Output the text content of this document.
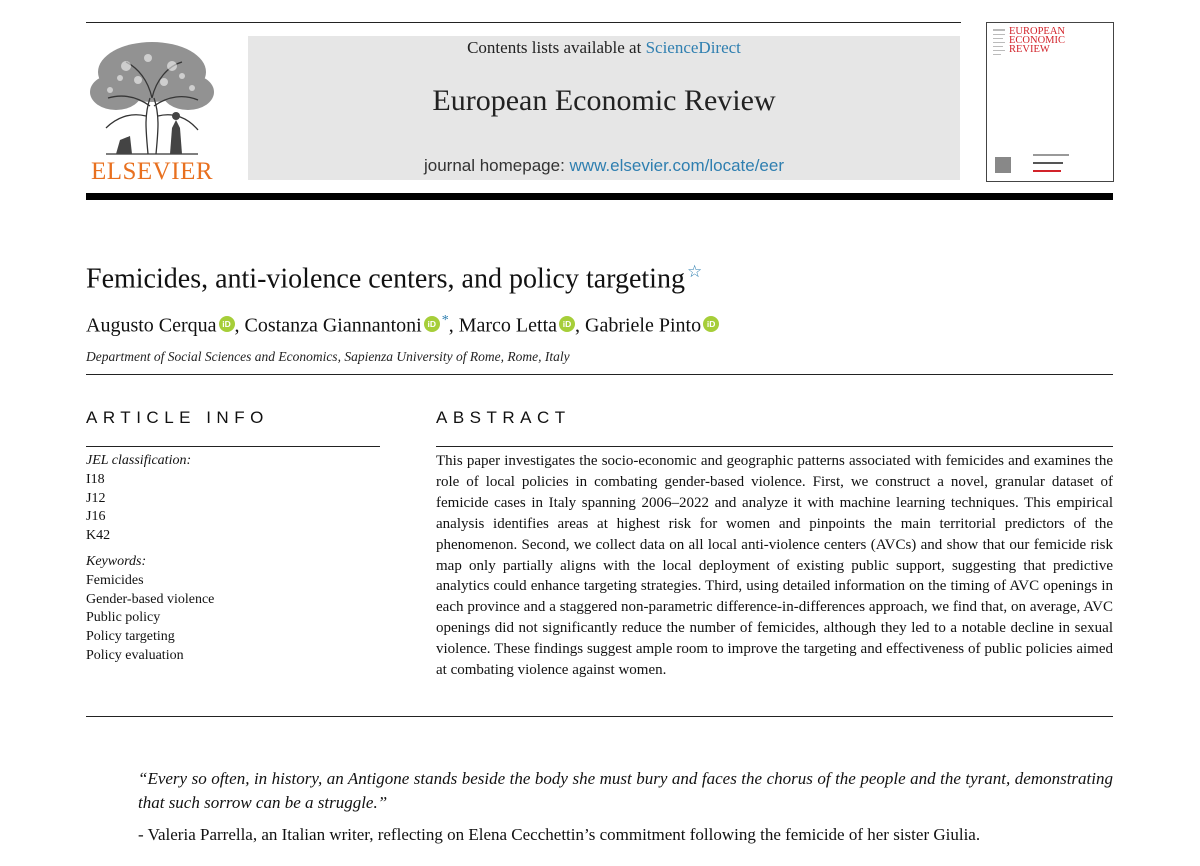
ELSEVIER
Contents lists available at ScienceDirect
European Economic Review
journal homepage: www.elsevier.com/locate/eer
EUROPEAN
ECONOMIC
REVIEW
Femicides, anti-violence centers, and policy targeting ☆
Augusto Cerqua iD , Costanza Giannantoni iD *, Marco Letta iD , Gabriele Pinto iD
Department of Social Sciences and Economics, Sapienza University of Rome, Rome, Italy
ARTICLE INFO
JEL classification:
I18
J12
J16
K42
Keywords:
Femicides
Gender-based violence
Public policy
Policy targeting
Policy evaluation
ABSTRACT
This paper investigates the socio-economic and geographic patterns associated with femicides and examines the role of local policies in combating gender-based violence. First, we construct a novel, granular dataset of femicide cases in Italy spanning 2006–2022 and analyze it with machine learning techniques. This empirical analysis identifies areas at highest risk for women and pinpoints the main territorial predictors of the phenomenon. Second, we collect data on all local anti-violence centers (AVCs) and show that our femicide risk map only partially aligns with the local deployment of existing public support, suggesting that predictive analytics could enhance targeting strategies. Third, using detailed information on the timing of AVC openings in each province and a staggered non-parametric difference-in-differences approach, we find that, on average, AVC openings did not significantly reduce the number of femicides, although they led to a notable decline in sexual violence. These findings suggest ample room to improve the targeting and effectiveness of public policies aimed at combating violence against women.
“Every so often, in history, an Antigone stands beside the body she must bury and faces the chorus of the people and the tyrant, demonstrating that such sorrow can be a struggle.”
- Valeria Parrella, an Italian writer, reflecting on Elena Cecchettin’s commitment following the femicide of her sister Giulia.
